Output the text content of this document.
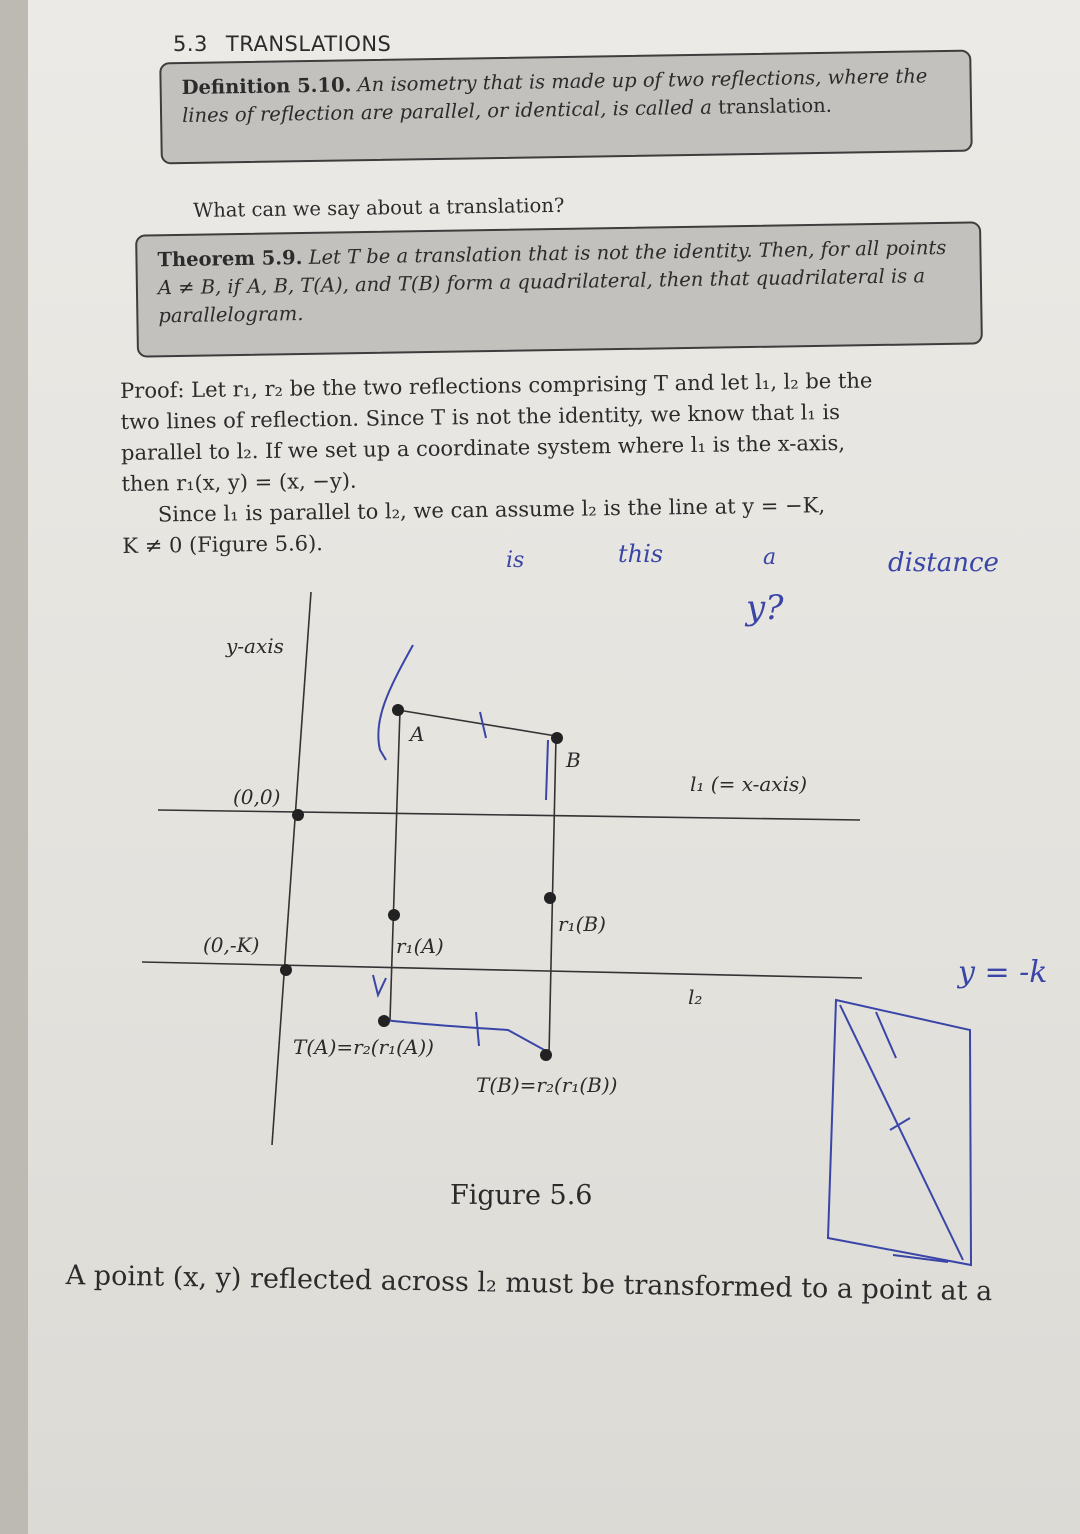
5.3 TRANSLATIONS
Definition 5.10. An isometry that is made up of two reflections, where the lines of reflection are parallel, or identical, is called a translation.
What can we say about a translation?
Theorem 5.9. Let T be a translation that is not the identity. Then, for all points A ≠ B, if A, B, T(A), and T(B) form a quadrilateral, then that quadrilateral is a parallelogram.

Proof: Let r₁, r₂ be the two reflections comprising T and let l₁, l₂ be the

two lines of reflection. Since T is not the identity, we know that l₁ is

parallel to l₂. If we set up a coordinate system where l₁ is the x-axis,

then r₁(x, y) = (x, −y).

Since l₁ is parallel to l₂, we can assume l₂ is the line at y = −K,

K ≠ 0 (Figure 5.6).

is	this	a	distance
y?
y = -k
y-axis
(0,0)
(0,-K)
A
B
l₁ (= x-axis)
r₁(A)
r₁(B)
l₂
T(A)=r₂(r₁(A))
T(B)=r₂(r₁(B))
Figure 5.6
A point (x, y) reflected across l₂ must be transformed to a point at a
